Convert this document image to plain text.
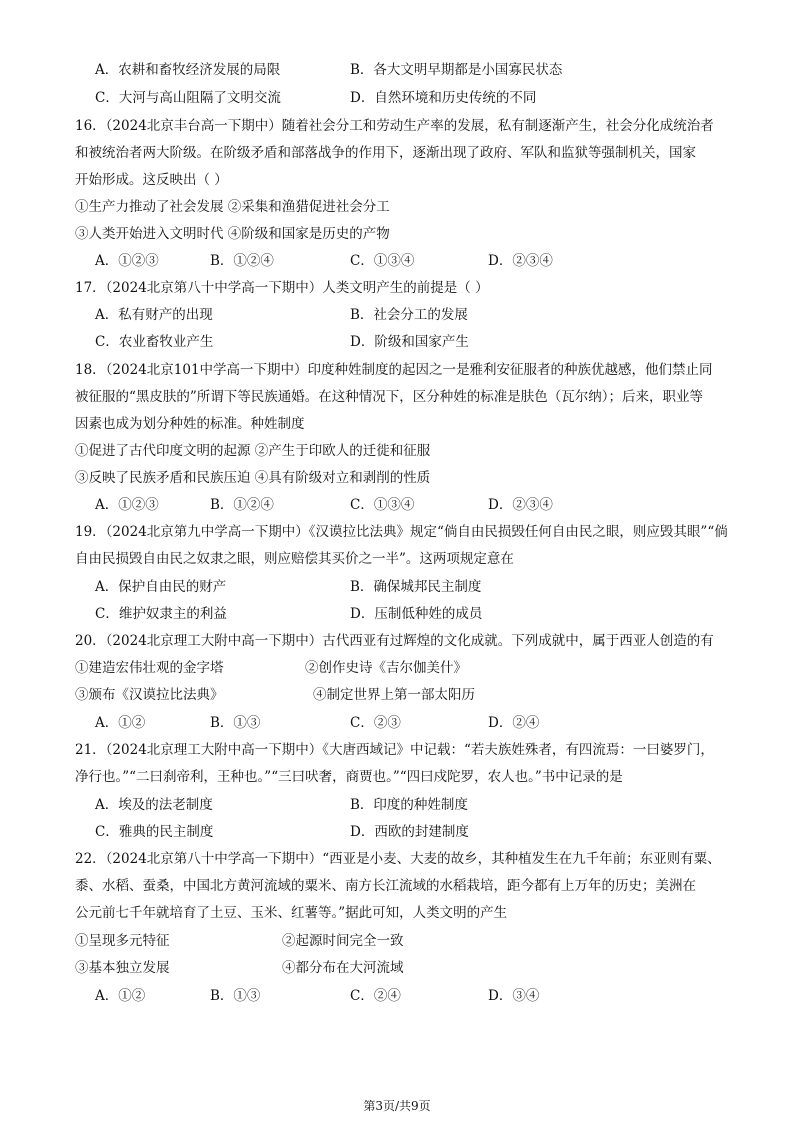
A．农耕和畜牧经济发展的局限	B．各大文明早期都是小国寡民状态
C．大河与高山阻隔了文明交流	D．自然环境和历史传统的不同
16．（2024北京丰台高一下期中）随着社会分工和劳动生产率的发展，私有制逐渐产生，社会分化成统治者
和被统治者两大阶级。在阶级矛盾和部落战争的作用下，逐渐出现了政府、军队和监狱等强制机关，国家
开始形成。这反映出（ ）
①生产力推动了社会发展 ②采集和渔猎促进社会分工
③人类开始进入文明时代 ④阶级和国家是历史的产物
A．①②③	B．①②④	C．①③④	D．②③④
17．（2024北京第八十中学高一下期中）人类文明产生的前提是（ ）
A．私有财产的出现	B．社会分工的发展
C．农业畜牧业产生	D．阶级和国家产生
18．（2024北京101中学高一下期中）印度种姓制度的起因之一是雅利安征服者的种族优越感，他们禁止同
被征服的“黑皮肤的”所谓下等民族通婚。在这种情况下，区分种姓的标准是肤色（瓦尔纳）；后来，职业等
因素也成为划分种姓的标准。种姓制度
①促进了古代印度文明的起源 ②产生于印欧人的迁徙和征服
③反映了民族矛盾和民族压迫 ④具有阶级对立和剥削的性质
A．①②③	B．①②④	C．①③④	D．②③④
19．（2024北京第九中学高一下期中）《汉谟拉比法典》规定“倘自由民损毁任何自由民之眼，则应毁其眼”“倘
自由民损毁自由民之奴隶之眼，则应赔偿其买价之一半”。这两项规定意在
A．保护自由民的财产	B．确保城邦民主制度
C．维护奴隶主的利益	D．压制低种姓的成员
20．（2024北京理工大附中高一下期中）古代西亚有过辉煌的文化成就。下列成就中，属于西亚人创造的有
①建造宏伟壮观的金字塔	②创作史诗《吉尔伽美什》
③颁布《汉谟拉比法典》	④制定世界上第一部太阳历
A．①②	B．①③	C．②③	D．②④
21．（2024北京理工大附中高一下期中）《大唐西域记》中记载：“若夫族姓殊者，有四流焉：一曰婆罗门，
净行也。”“二曰刹帝利，王种也。”“三曰吠奢，商贾也。”“四曰戍陀罗，农人也。”书中记录的是
A．埃及的法老制度	B．印度的种姓制度
C．雅典的民主制度	D．西欧的封建制度
22．（2024北京第八十中学高一下期中）“西亚是小麦、大麦的故乡，其种植发生在九千年前；东亚则有粟、
黍、水稻、蚕桑，中国北方黄河流域的粟米、南方长江流域的水稻栽培，距今都有上万年的历史；美洲在
公元前七千年就培育了土豆、玉米、红薯等。”据此可知，人类文明的产生
①呈现多元特征	②起源时间完全一致
③基本独立发展	④都分布在大河流域
A．①②	B．①③	C．②④	D．③④
第3页/共9页
